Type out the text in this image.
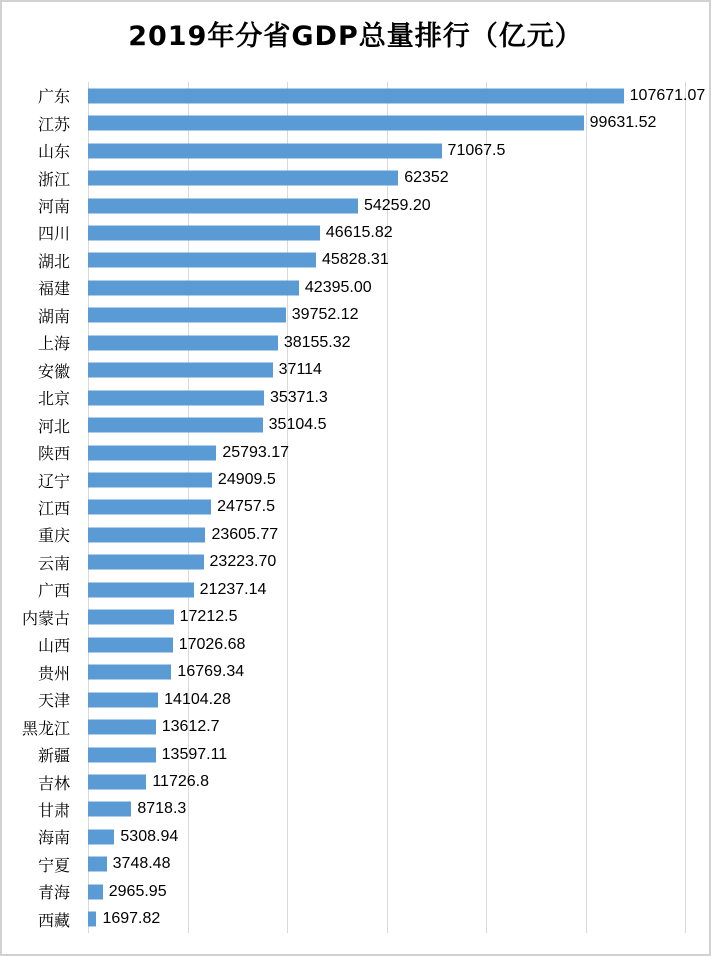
2019年分省GDP总量排行（亿元）
广东
江苏
山东
浙江
河南
四川
湖北
福建
湖南
上海
安徽
北京
河北
陕西
辽宁
江西
重庆
云南
广西
内蒙古
山西
贵州
天津
黑龙江
新疆
吉林
甘肃
海南
宁夏
青海
西藏
107671.07
99631.52
71067.5
62352
54259.20
46615.82
45828.31
42395.00
39752.12
38155.32
37114
35371.3
35104.5
25793.17
24909.5
24757.5
23605.77
23223.70
21237.14
17212.5
17026.68
16769.34
14104.28
13612.7
13597.11
11726.8
8718.3
5308.94
3748.48
2965.95
1697.82
